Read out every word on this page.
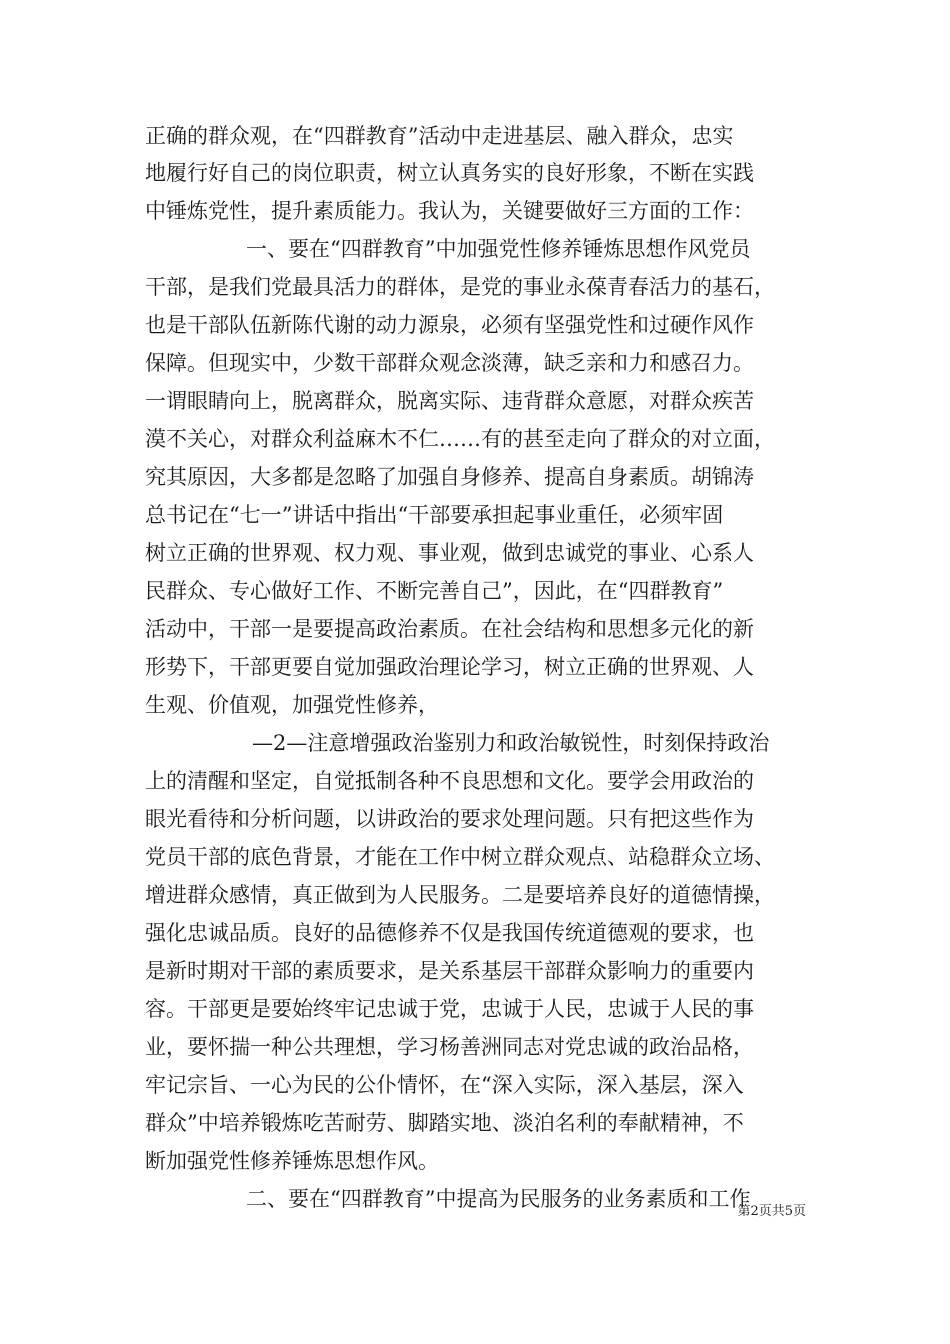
正确的群众观，在“四群教育”活动中走进基层、融入群众，忠实

地履行好自己的岗位职责，树立认真务实的良好形象，不断在实践

中锤炼党性，提升素质能力。我认为，关键要做好三方面的工作：

一、要在“四群教育”中加强党性修养锤炼思想作风党员

干部，是我们党最具活力的群体，是党的事业永葆青春活力的基石，

也是干部队伍新陈代谢的动力源泉，必须有坚强党性和过硬作风作

保障。但现实中，少数干部群众观念淡薄，缺乏亲和力和感召力。

一谓眼睛向上，脱离群众，脱离实际、违背群众意愿，对群众疾苦

漠不关心，对群众利益麻木不仁……有的甚至走向了群众的对立面，

究其原因，大多都是忽略了加强自身修养、提高自身素质。胡锦涛

总书记在“七一”讲话中指出“干部要承担起事业重任，必须牢固

树立正确的世界观、权力观、事业观，做到忠诚党的事业、心系人

民群众、专心做好工作、不断完善自己”，因此，在“四群教育”

活动中，干部一是要提高政治素质。在社会结构和思想多元化的新

形势下，干部更要自觉加强政治理论学习，树立正确的世界观、人

生观、价值观，加强党性修养，

—2—注意增强政治鉴别力和政治敏锐性，时刻保持政治

上的清醒和坚定，自觉抵制各种不良思想和文化。要学会用政治的

眼光看待和分析问题，以讲政治的要求处理问题。只有把这些作为

党员干部的底色背景，才能在工作中树立群众观点、站稳群众立场、

增进群众感情，真正做到为人民服务。二是要培养良好的道德情操，

强化忠诚品质。良好的品德修养不仅是我国传统道德观的要求，也

是新时期对干部的素质要求，是关系基层干部群众影响力的重要内

容。干部更是要始终牢记忠诚于党，忠诚于人民，忠诚于人民的事

业，要怀揣一种公共理想，学习杨善洲同志对党忠诚的政治品格，

牢记宗旨、一心为民的公仆情怀，在“深入实际，深入基层，深入

群众”中培养锻炼吃苦耐劳、脚踏实地、淡泊名利的奉献精神，不

断加强党性修养锤炼思想作风。

二、要在“四群教育”中提高为民服务的业务素质和工作

第2页共5页
